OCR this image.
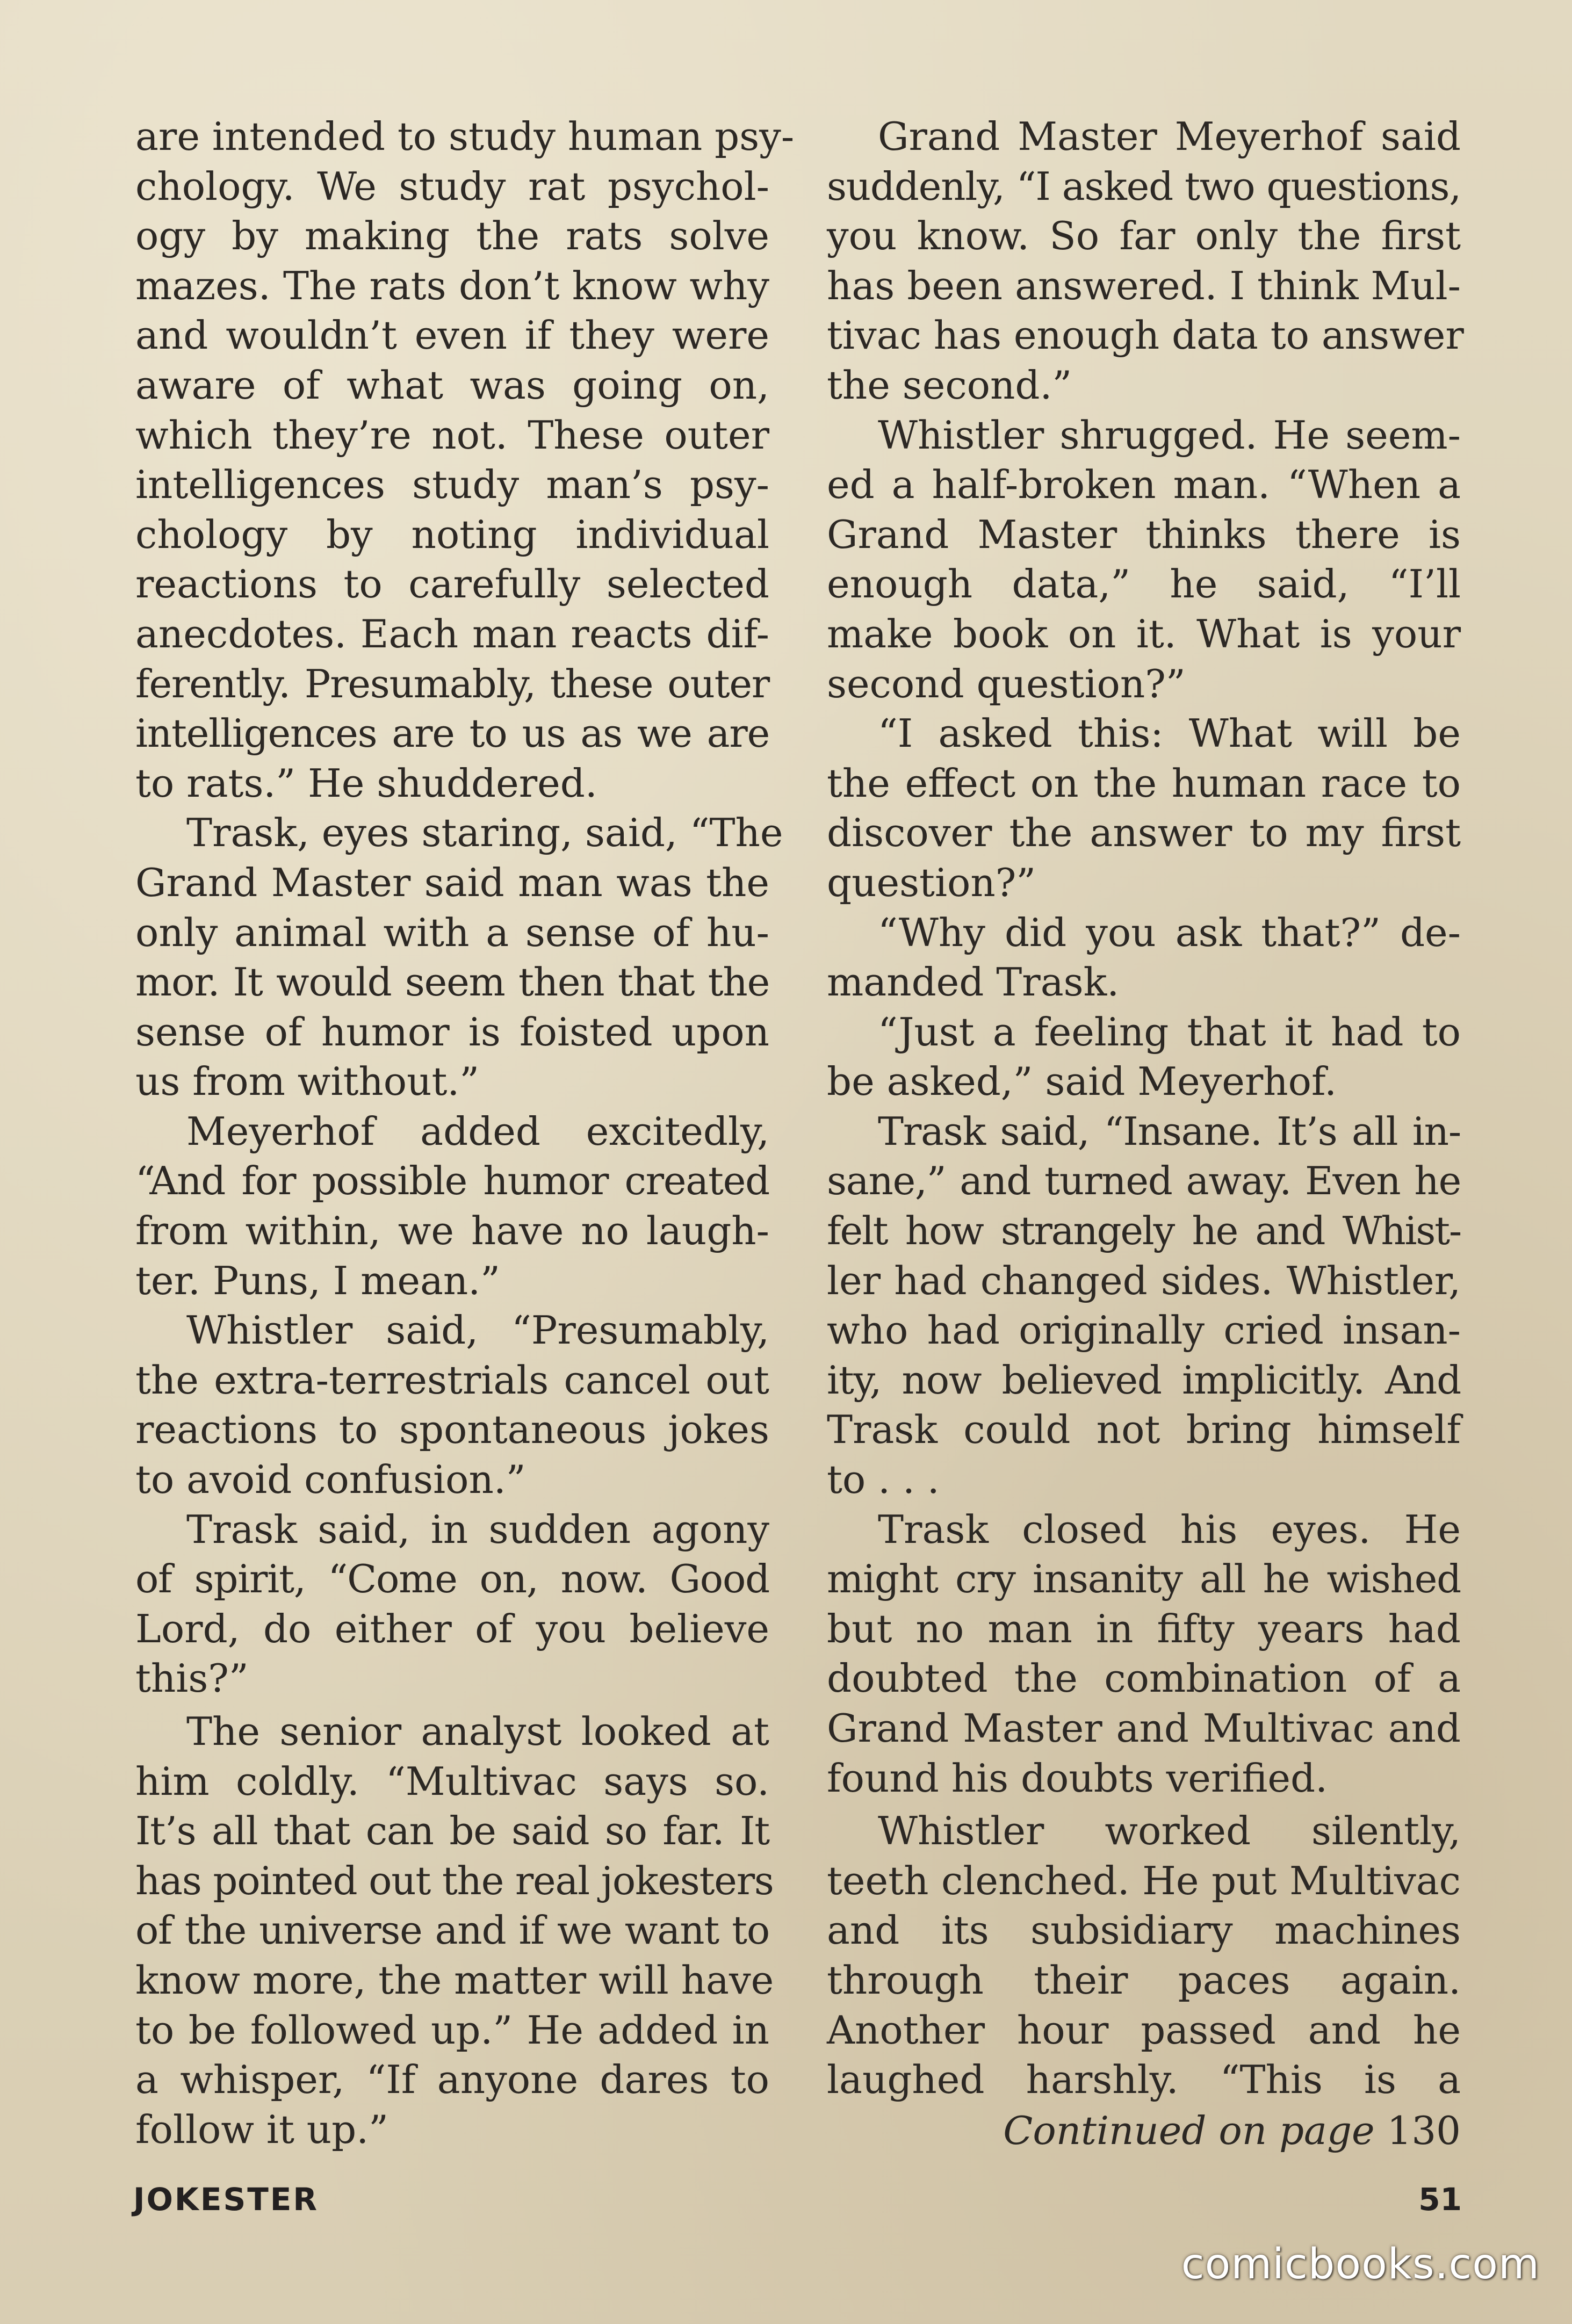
are intended to study human psy-
chology. We study rat psychol-
ogy by making the rats solve
mazes. The rats don’t know why
and wouldn’t even if they were
aware of what was going on,
which they’re not. These outer
intelligences study man’s psy-
chology by noting individual
reactions to carefully selected
anecdotes. Each man reacts dif-
ferently. Presumably, these outer
intelligences are to us as we are
to rats.” He shuddered.
Trask, eyes staring, said, “The
Grand Master said man was the
only animal with a sense of hu-
mor. It would seem then that the
sense of humor is foisted upon
us from without.”
Meyerhof added excitedly,
“And for possible humor created
from within, we have no laugh-
ter. Puns, I mean.”
Whistler said, “Presumably,
the extra-terrestrials cancel out
reactions to spontaneous jokes
to avoid confusion.”
Trask said, in sudden agony
of spirit, “Come on, now. Good
Lord, do either of you believe
this?”
The senior analyst looked at
him coldly. “Multivac says so.
It’s all that can be said so far. It
has pointed out the real jokesters
of the universe and if we want to
know more, the matter will have
to be followed up.” He added in
a whisper, “If anyone dares to
follow it up.”
Grand Master Meyerhof said
suddenly, “I asked two questions,
you know. So far only the first
has been answered. I think Mul-
tivac has enough data to answer
the second.”
Whistler shrugged. He seem-
ed a half-broken man. “When a
Grand Master thinks there is
enough data,” he said, “I’ll
make book on it. What is your
second question?”
“I asked this: What will be
the effect on the human race to
discover the answer to my first
question?”
“Why did you ask that?” de-
manded Trask.
“Just a feeling that it had to
be asked,” said Meyerhof.
Trask said, “Insane. It’s all in-
sane,” and turned away. Even he
felt how strangely he and Whist-
ler had changed sides. Whistler,
who had originally cried insan-
ity, now believed implicitly. And
Trask could not bring himself
to . . .
Trask closed his eyes. He
might cry insanity all he wished
but no man in fifty years had
doubted the combination of a
Grand Master and Multivac and
found his doubts verified.
Whistler worked silently,
teeth clenched. He put Multivac
and its subsidiary machines
through their paces again.
Another hour passed and he
laughed harshly. “This is a
Continued on page 130
JOKESTER	51
comicbooks.com
